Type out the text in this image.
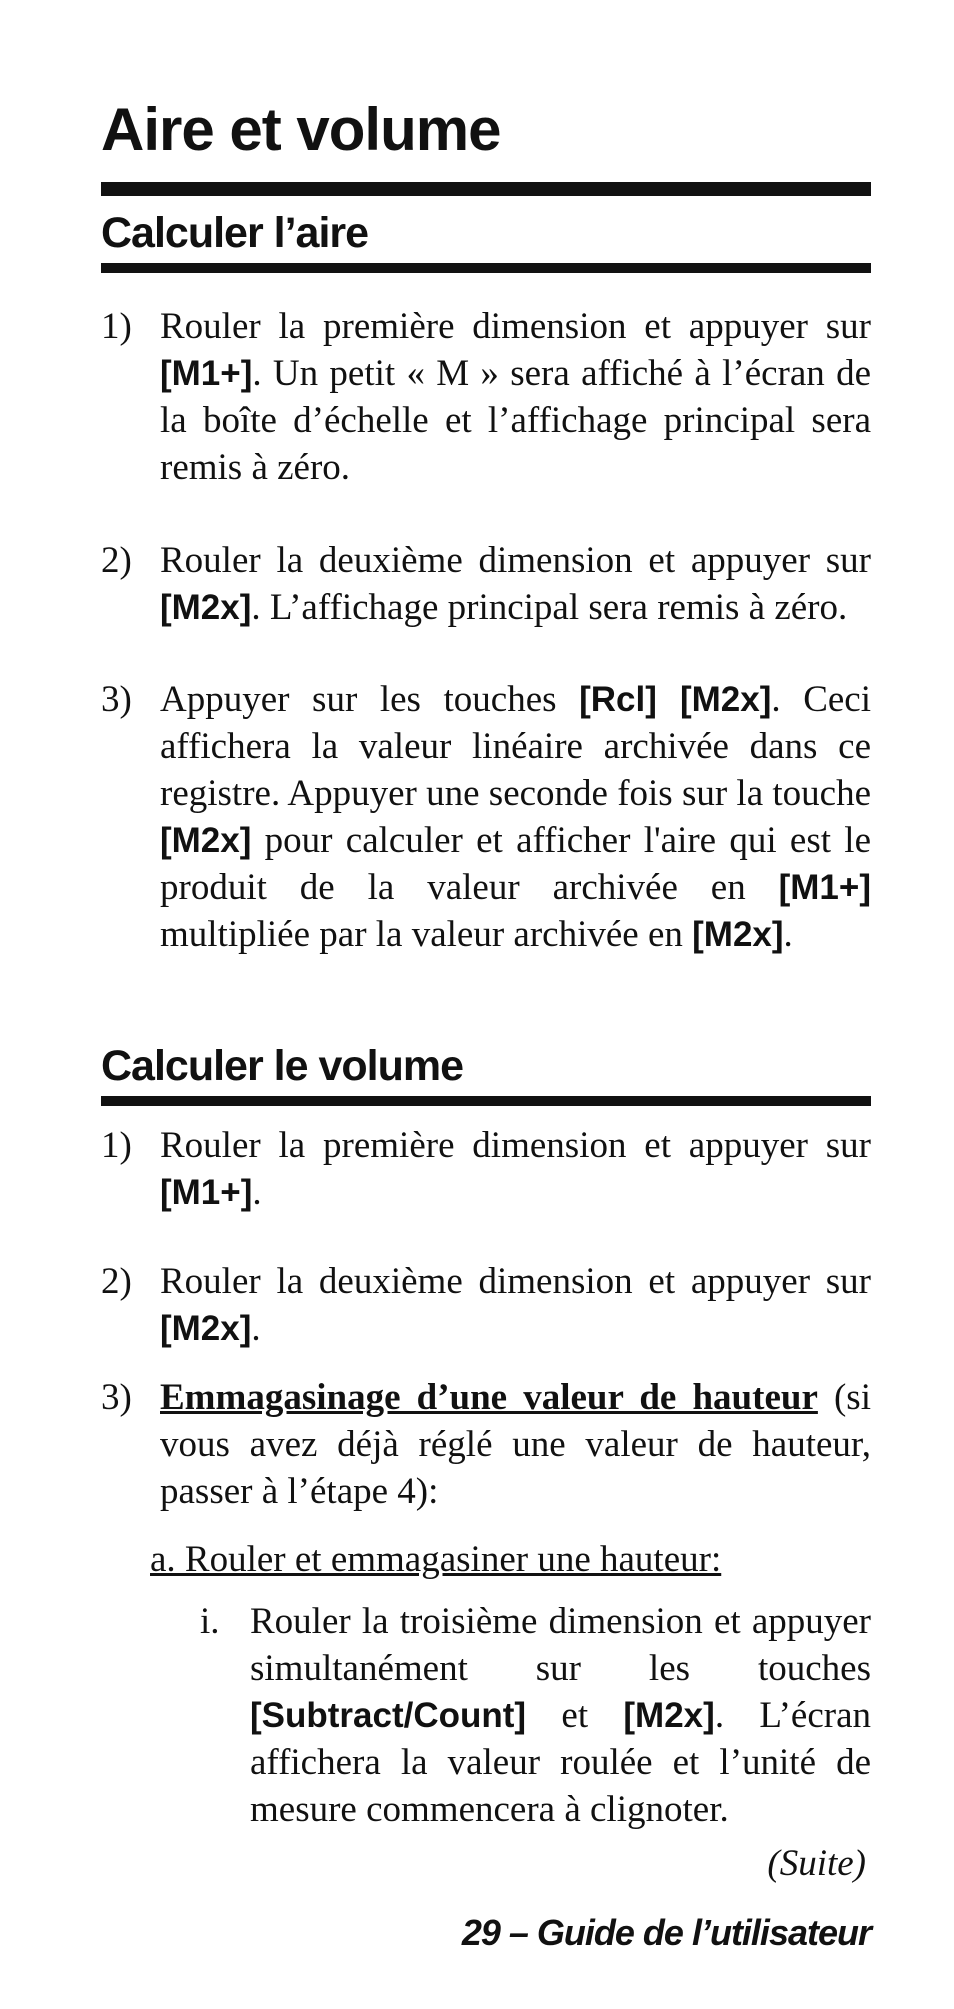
Aire et volume
Calculer l’aire
1) Rouler la première dimension et appuyer sur [M1+]. Un petit « M » sera affiché à l’écran de la boîte d’échelle et l’affichage principal sera remis à zéro.
2) Rouler la deuxième dimension et appuyer sur [M2x]. L’affichage principal sera remis à zéro.
3) Appuyer sur les touches [Rcl] [M2x]. Ceci affichera la valeur linéaire archivée dans ce registre. Appuyer une seconde fois sur la touche [M2x] pour calculer et afficher l'aire qui est le produit de la valeur archivée en [M1+] multipliée par la valeur archivée en [M2x].
Calculer le volume
1) Rouler la première dimension et appuyer sur [M1+].
2) Rouler la deuxième dimension et appuyer sur [M2x].
3) Emmagasinage d’une valeur de hauteur (si vous avez déjà réglé une valeur de hauteur, passer à l’étape 4):
a. Rouler et emmagasiner une hauteur:
i. Rouler la troisième dimension et appuyer simultanément sur les touches [Subtract/Count] et [M2x]. L’écran affichera la valeur roulée et l’unité de mesure commencera à clignoter.
(Suite)
29 – Guide de l’utilisateur
